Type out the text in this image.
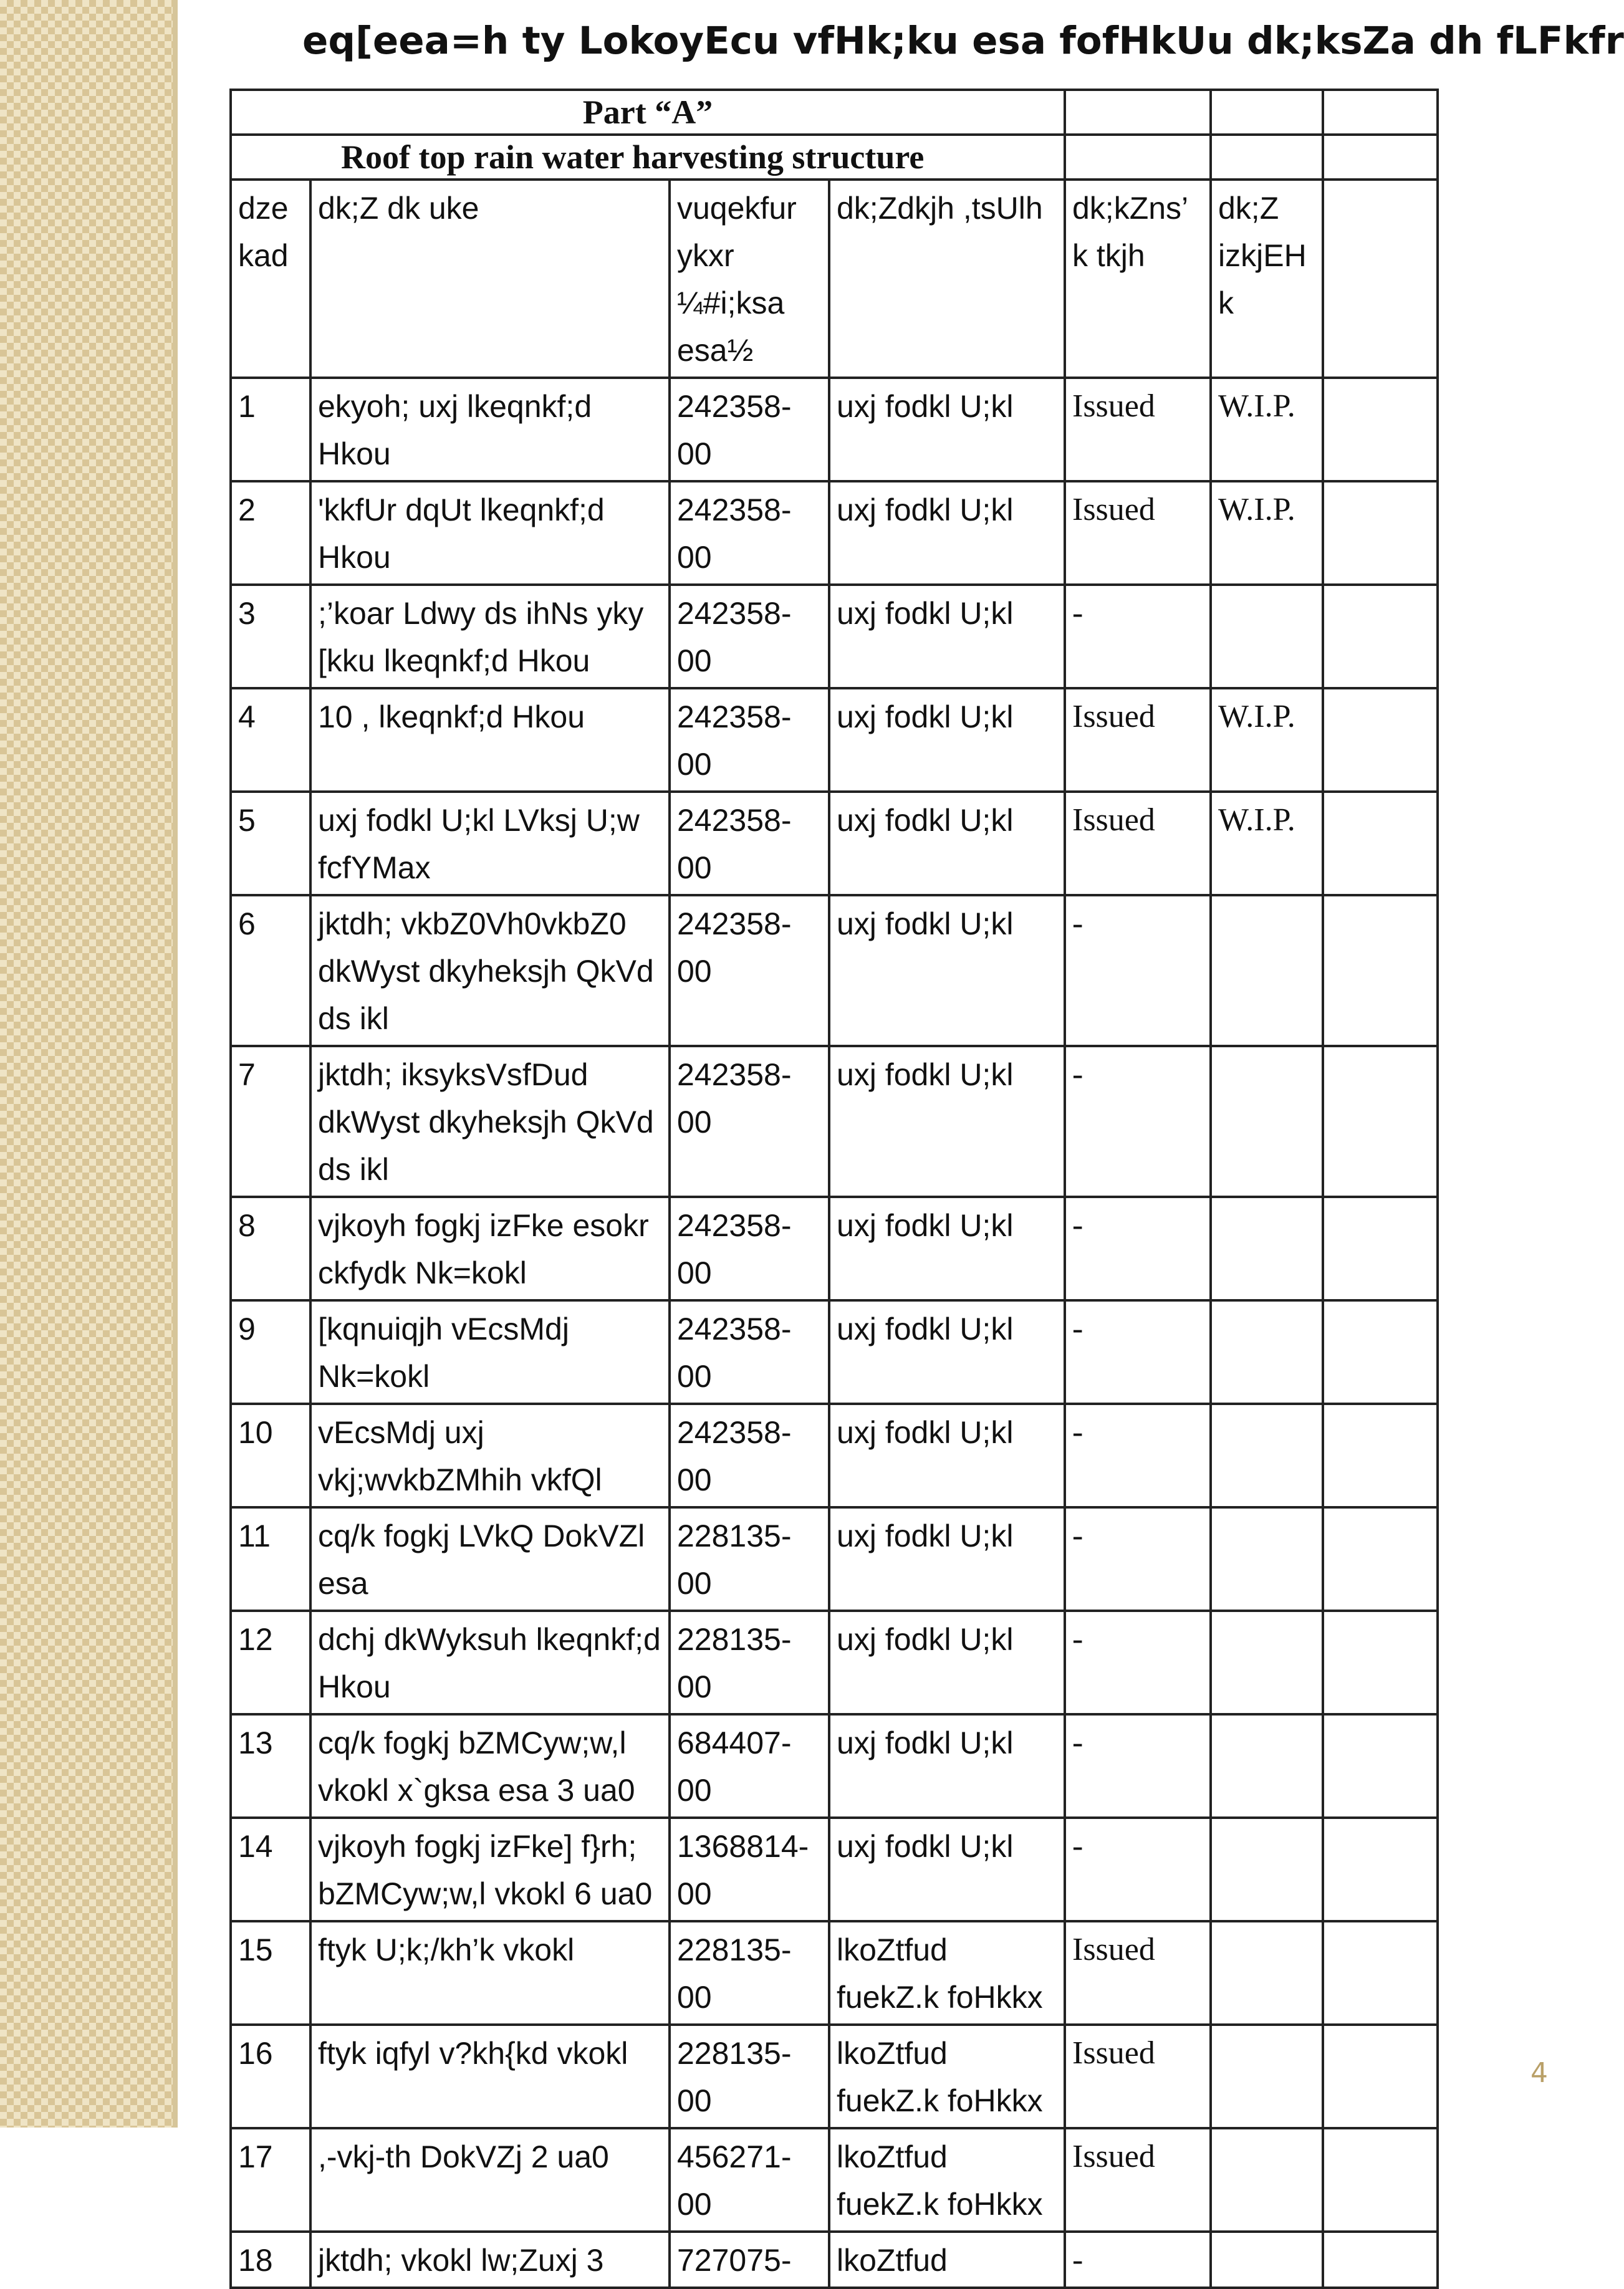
eq[eea=h ty LokoyEcu vfHk;ku esa fofHkUu dk;ksZa dh fLFkfr
Part “A”						
Roof top rain water harvesting structure						
dzekad	dk;Z dk uke	vuqekfur ykxr ¼#i;ksa esa½	dk;Zdkjh ,tsUlh	dk;kZns’k tkjh	dk;Z izkjEHk	
1	ekyoh; uxj lkeqnkf;d Hkou	242358-00	uxj fodkl U;kl	Issued	W.I.P.	
2	'kkfUr dqUt lkeqnkf;d Hkou	242358-00	uxj fodkl U;kl	Issued	W.I.P.	
3	;’koar Ldwy ds ihNs yky [kku lkeqnkf;d Hkou	242358-00	uxj fodkl U;kl	-		
4	10 , lkeqnkf;d Hkou	242358-00	uxj fodkl U;kl	Issued	W.I.P.	
5	uxj fodkl U;kl LVksj U;w fcfYMax	242358-00	uxj fodkl U;kl	Issued	W.I.P.	
6	jktdh; vkbZ0Vh0vkbZ0 dkWyst dkyheksjh QkVd ds ikl	242358-00	uxj fodkl U;kl	-		
7	jktdh; iksyksVsfDud dkWyst dkyheksjh QkVd ds ikl	242358-00	uxj fodkl U;kl	-		
8	vjkoyh fogkj izFke esokr ckfydk Nk=kokl	242358-00	uxj fodkl U;kl	-		
9	[kqnuiqjh vEcsMdj Nk=kokl	242358-00	uxj fodkl U;kl	-		
10	vEcsMdj uxj vkj;wvkbZMhih vkfQl	242358-00	uxj fodkl U;kl	-		
11	cq/k fogkj LVkQ DokVZl esa	228135-00	uxj fodkl U;kl	-		
12	dchj dkWyksuh lkeqnkf;d Hkou	228135-00	uxj fodkl U;kl	-		
13	cq/k fogkj bZMCyw;w,l vkokl x`gksa esa 3 ua0	684407-00	uxj fodkl U;kl	-		
14	vjkoyh fogkj izFke] f}rh; bZMCyw;w,l vkokl 6 ua0	1368814-00	uxj fodkl U;kl	-		
15	ftyk U;k;/kh’k vkokl	228135-00	lkoZtfud fuekZ.k foHkkx	Issued		
16	ftyk iqfyl v?kh{kd vkokl	228135-00	lkoZtfud fuekZ.k foHkkx	Issued		
17	,-vkj-th DokVZj 2 ua0	456271-00	lkoZtfud fuekZ.k foHkkx	Issued		
18	jktdh; vkokl lw;Zuxj 3	727075-	lkoZtfud	-		
4
